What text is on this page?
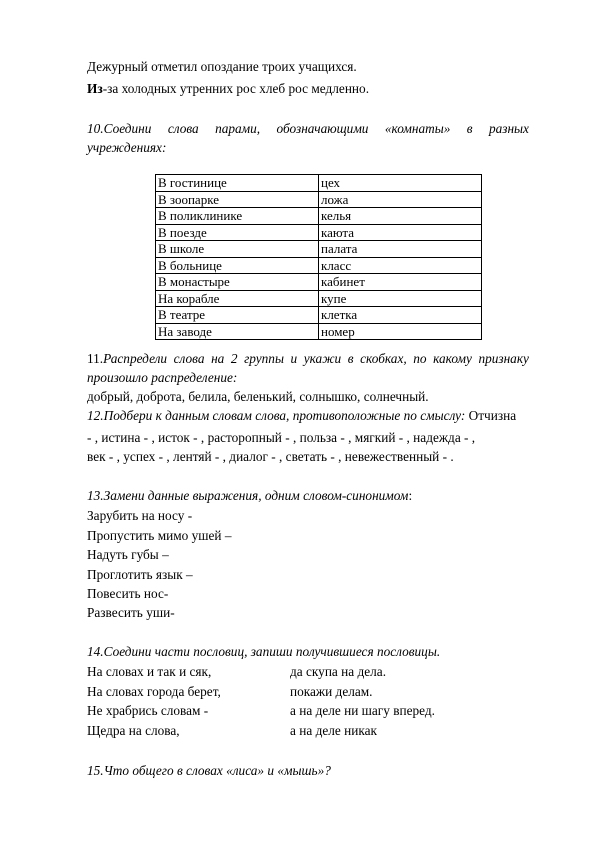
Дежурный отметил опоздание троих учащихся.
Из-за холодных утренних рос хлеб рос медленно.
10.Соедини слова парами, обозначающими «комнаты» в разных
учреждениях:
В гостинице	цех
В зоопарке	ложа
В поликлинике	келья
В поезде	каюта
В школе	палата
В больнице	класс
В монастыре	кабинет
На корабле	купе
В театре	клетка
На заводе	номер
11.Распредели слова на 2 группы и укажи в скобках, по какому признаку
произошло распределение:
добрый, доброта, белила, беленький, солнышко, солнечный.
12.Подбери к данным словам слова, противоположные по смыслу: Отчизна
- , истина - , исток - , расторопный - , польза - , мягкий - , надежда - ,
век - , успех - , лентяй - , диалог - , светать - , невежественный - .
13.Замени данные выражения, одним словом-синонимом:
Зарубить на носу -
Пропустить мимо ушей –
Надуть губы –
Проглотить язык –
Повесить нос-
Развесить уши-
14.Соедини части пословиц, запиши получившиеся пословицы.
На словах и так и сяк,	да скупа на дела.
На словах города берет,	покажи делам.
Не храбрись словам -	а на деле ни шагу вперед.
Щедра на слова,	а на деле никак
15.Что общего в словах «лиса» и «мышь»?
